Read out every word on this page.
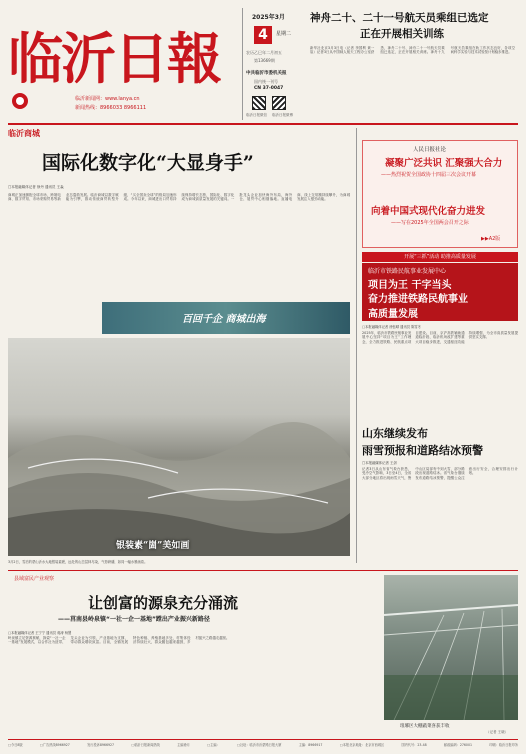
临沂日報
临沂新闻网：www.lanya.cn
新闻热线：8966033 8966111
2025年3月
4	星期二
农历乙巳年二月初五
第13669期
中共临沂市委机关报
国内统一刊号
CN 37-0047
临沂日报微信 临沂日报微博
神舟二十、二十一号航天员乘组已选定
正在开展相关训练
新华社北京3月3日电（记者 李国利 黄一宸）记者3日从中国载人航天工程办公室获悉，神舟二十号、神舟二十一号航天员乘组已选定，正在开展相关训练。神舟十九号航天员乘组在轨工作状态良好，各项空间科学实验与技术试验按计划稳步推进。
临沂商城
国际化数字化“大显身手”
□本报融媒体记者 徐丹 通讯员 王淼
商城正加速拥抱全球市场，跨境电商、数字贸易、市场采购贸易等新业态蓬勃发展。临沂商城以数字赋能为引擎，推动传统商贸转型升级，“买全国卖全球”的格局加速形成。今年以来，商城进出口贸易持续保持增长态势，国际化、数字化成为商城高质量发展的关键词。一批龙头企业加快海外布局，海外仓、展贸中心相继落地。直播电商、线上交易额持续攀升，为商城发展注入强劲动能。
人民日报社论
凝聚广泛共识 汇聚强大合力
——热烈祝贺全国政协十四届三次会议开幕
向着中国式现代化奋力进发
——写在2025年全国两会召开之际
▶▶A2版
开展“三抓”活动 助推高质量发展
临沂市铁路民航事业发展中心
项目为王 干字当头
奋力推进铁路民航事业
高质量发展
□本报融媒体记者 徐钰晴 通讯员 陈雪冬
2025年，临沂市铁路民航事业发展中心坚持“项目为王”工作理念，全力推进铁路、民航重点项目建设。目前，京沪高铁辅助通道临沂段、临沂机场改扩建等重大项目稳步推进，交通枢纽功能持续增强，为全市高质量发展提供坚实支撑。
百回千企 商城出海
银装素“崮”美如画
3月2日，雪后的蒙山沂水大地银装素裹，远处的山峦层林尽染，气势磅礴，如同一幅水墨画卷。
山东继续发布
雨雪预报和道路结冰预警
□本报融媒体记者 王剑
记者3日从山东省气象台获悉，受冷空气影响，3日至4日，全省大部分地区将出现雨雪天气，鲁中山区局部有中到大雪，部分路段出现道路结冰。省气象台继续发布道路结冰预警，提醒公众注意出行安全，合理安排出行计划。
县域富民产业观察
让创富的源泉充分涌流
——莒南县岭泉镇“一社一企一基地”蹚出产业振兴新路径
□本报融媒体记者 王宁宁 通讯员 蒋涛 杨慧
岭泉镇立足资源禀赋，探索“一社一企一基地”发展模式，以合作社为纽带、龙头企业为引领、产业基地为支撑，带动群众增收致富。目前，全镇发展特色种植、养殖基地多处，村集体经济持续壮大，群众腰包越来越鼓，乡村振兴之路越走越宽。
琅琊区大棚蔬菜喜获丰收
（记者 王晓）
□今日8版	□广告热线8966927	发行投诉8966927	□临沂日报新闻热线	主编徐月	□主编：	□社址：临沂市沂蒙路日报大厦	主编：8966917	□本报北京地址：北京市西城区	国内代号：23-48	邮政编码：276001	印刷：临沂日报印务
